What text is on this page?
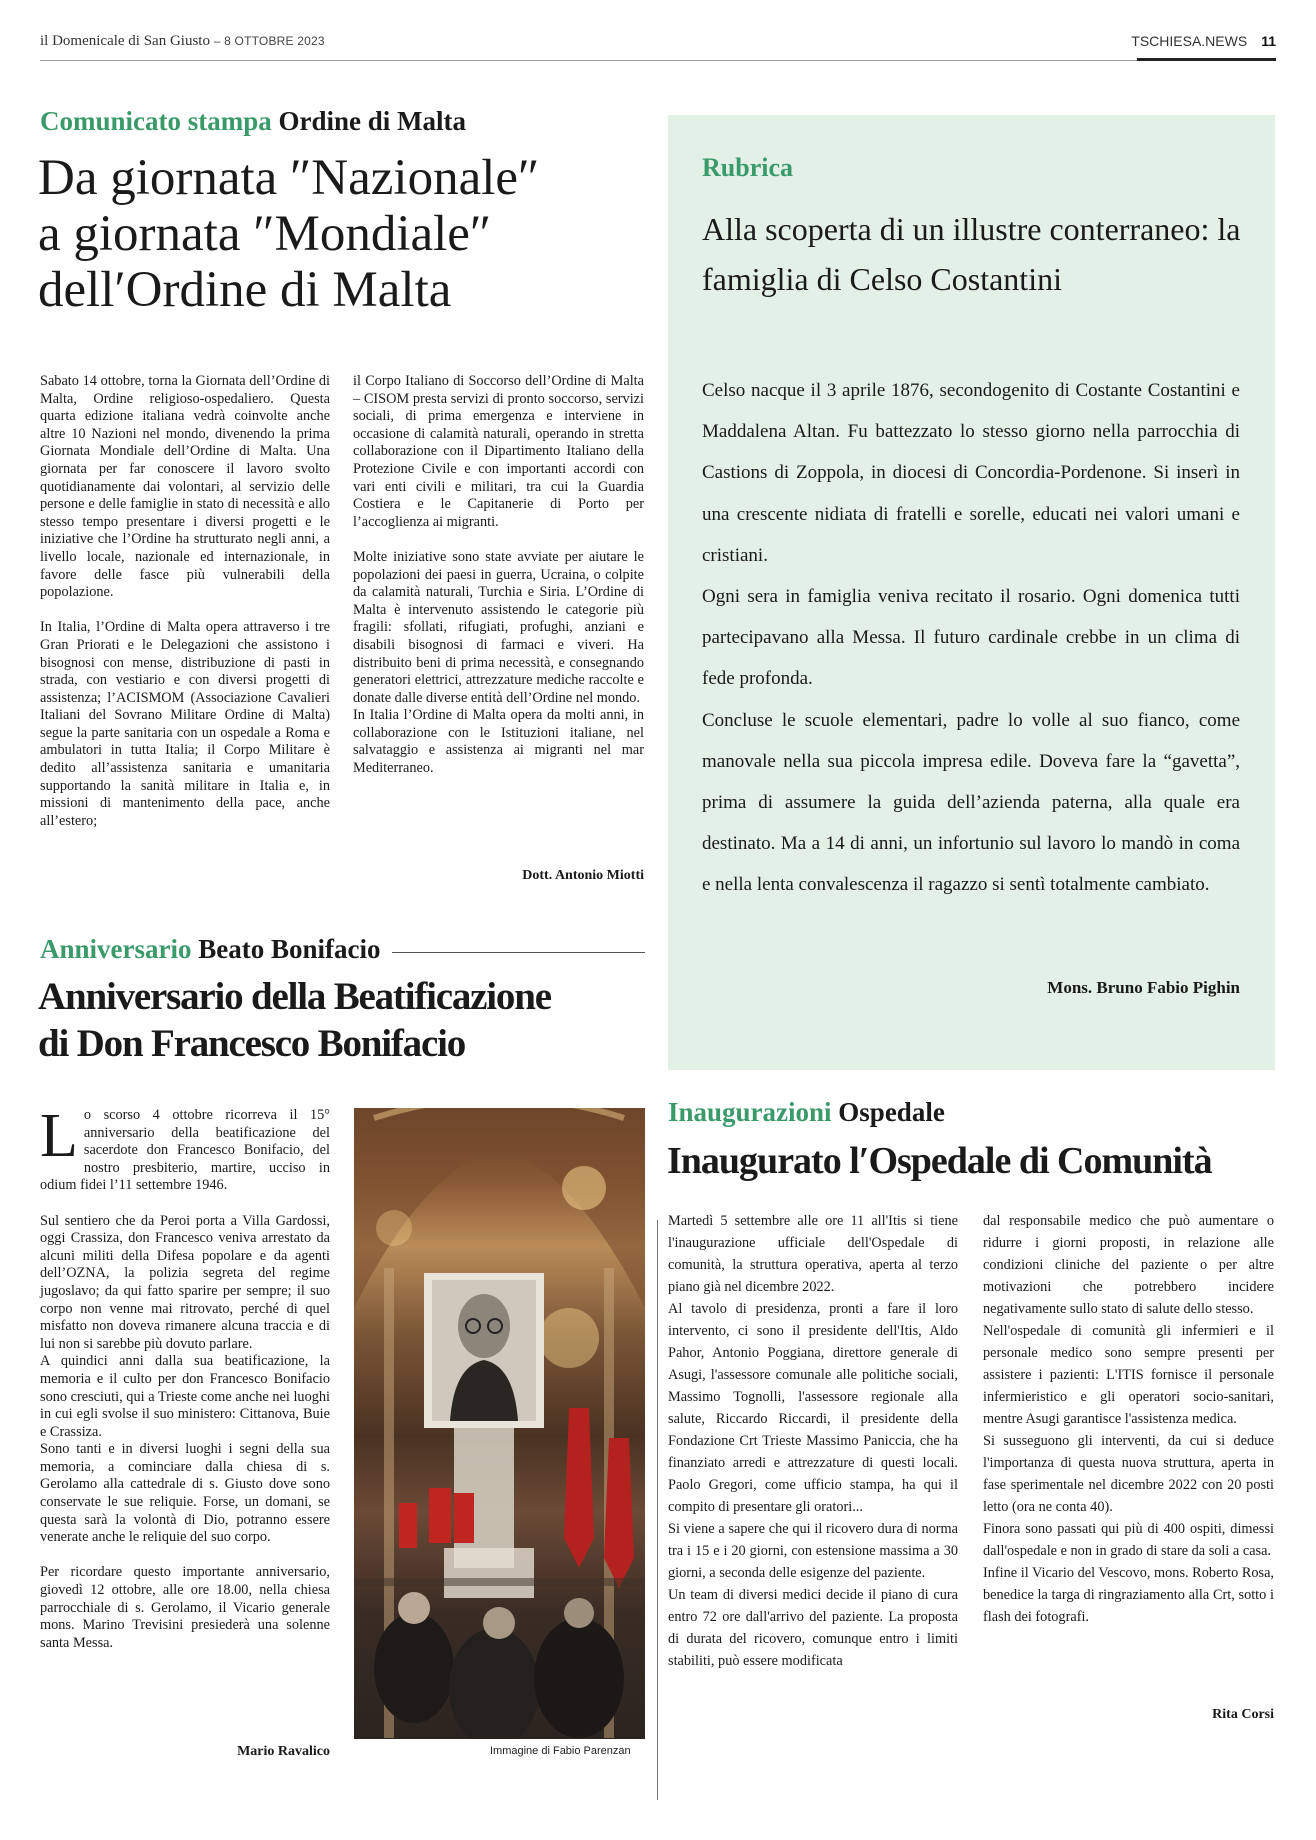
il Domenicale di San Giusto – 8 OTTOBRE 2023	TSCHIESA.NEWS 11
Comunicato stampa Ordine di Malta
Da giornata ″Nazionale″
a giornata ″Mondiale″
dell′Ordine di Malta

Sabato 14 ottobre, torna la Giornata dell’Ordine di Malta, Ordine religioso-ospedaliero. Questa quarta edizione italiana vedrà coinvolte anche altre 10 Nazioni nel mondo, divenendo la prima Giornata Mondiale dell’Ordine di Malta. Una giornata per far conoscere il lavoro svolto quotidianamente dai volontari, al servizio delle persone e delle famiglie in stato di necessità e allo stesso tempo presentare i diversi progetti e le iniziative che l’Ordine ha strutturato negli anni, a livello locale, nazionale ed internazionale, in favore delle fasce più vulnerabili della popolazione.

In Italia, l’Ordine di Malta opera attraverso i tre Gran Priorati e le Delegazioni che assistono i bisognosi con mense, distribuzione di pasti in strada, con vestiario e con diversi progetti di assistenza; l’ACISMOM (Associazione Cavalieri Italiani del Sovrano Militare Ordine di Malta) segue la parte sanitaria con un ospedale a Roma e ambulatori in tutta Italia; il Corpo Militare è dedito all’assistenza sanitaria e umanitaria supportando la sanità militare in Italia e, in missioni di mantenimento della pace, anche all’estero;

il Corpo Italiano di Soccorso dell’Ordine di Malta – CISOM presta servizi di pronto soccorso, servizi sociali, di prima emergenza e interviene in occasione di calamità naturali, operando in stretta collaborazione con il Dipartimento Italiano della Protezione Civile e con importanti accordi con vari enti civili e militari, tra cui la Guardia Costiera e le Capitanerie di Porto per l’accoglienza ai migranti.

Molte iniziative sono state avviate per aiutare le popolazioni dei paesi in guerra, Ucraina, o colpite da calamità naturali, Turchia e Siria. L’Ordine di Malta è intervenuto assistendo le categorie più fragili: sfollati, rifugiati, profughi, anziani e disabili bisognosi di farmaci e viveri. Ha distribuito beni di prima necessità, e consegnando generatori elettrici, attrezzature mediche raccolte e donate dalle diverse entità dell’Ordine nel mondo.

In Italia l’Ordine di Malta opera da molti anni, in collaborazione con le Istituzioni italiane, nel salvataggio e assistenza ai migranti nel mar Mediterraneo.

Dott. Antonio Miotti
Rubrica
Alla scoperta di un illustre conterraneo: la famiglia di Celso Costantini

Celso nacque il 3 aprile 1876, secondogenito di Costante Costantini e Maddalena Altan. Fu battezzato lo stesso giorno nella parrocchia di Castions di Zoppola, in diocesi di Concordia-Pordenone. Si inserì in una crescente nidiata di fratelli e sorelle, educati nei valori umani e cristiani.

Ogni sera in famiglia veniva recitato il rosario. Ogni domenica tutti partecipavano alla Messa. Il futuro cardinale crebbe in un clima di fede profonda.

Concluse le scuole elementari, padre lo volle al suo fianco, come manovale nella sua piccola impresa edile. Doveva fare la “gavetta”, prima di assumere la guida dell’azienda paterna, alla quale era destinato. Ma a 14 di anni, un infortunio sul lavoro lo mandò in coma e nella lenta convalescenza il ragazzo si sentì totalmente cambiato.

Mons. Bruno Fabio Pighin
Anniversario Beato Bonifacio
Anniversario della Beatificazione
di Don Francesco Bonifacio

Lo scorso 4 ottobre ricorreva il 15° anniversario della beatificazione del sacerdote don Francesco Bonifacio, del nostro presbiterio, martire, ucciso in odium fidei l’11 settembre 1946.

Sul sentiero che da Peroi porta a Villa Gardossi, oggi Crassiza, don Francesco veniva arrestato da alcuni militi della Difesa popolare e da agenti dell’OZNA, la polizia segreta del regime jugoslavo; da qui fatto sparire per sempre; il suo corpo non venne mai ritrovato, perché di quel misfatto non doveva rimanere alcuna traccia e di lui non si sarebbe più dovuto parlare.

A quindici anni dalla sua beatificazione, la memoria e il culto per don Francesco Bonifacio sono cresciuti, qui a Trieste come anche nei luoghi in cui egli svolse il suo ministero: Cittanova, Buie e Crassiza.

Sono tanti e in diversi luoghi i segni della sua memoria, a cominciare dalla chiesa di s. Gerolamo alla cattedrale di s. Giusto dove sono conservate le sue reliquie. Forse, un domani, se questa sarà la volontà di Dio, potranno essere venerate anche le reliquie del suo corpo.

Per ricordare questo importante anniversario, giovedì 12 ottobre, alle ore 18.00, nella chiesa parrocchiale di s. Gerolamo, il Vicario generale mons. Marino Trevisini presiederà una solenne santa Messa.

Mario Ravalico	Immagine di Fabio Parenzan
Inaugurazioni Ospedale
Inaugurato l′Ospedale di Comunità

Martedì 5 settembre alle ore 11 all'Itis si tiene l'inaugurazione ufficiale dell'Ospedale di comunità, la struttura operativa, aperta al terzo piano già nel dicembre 2022.

Al tavolo di presidenza, pronti a fare il loro intervento, ci sono il presidente dell'Itis, Aldo Pahor, Antonio Poggiana, direttore generale di Asugi, l'assessore comunale alle politiche sociali, Massimo Tognolli, l'assessore regionale alla salute, Riccardo Riccardi, il presidente della Fondazione Crt Trieste Massimo Paniccia, che ha finanziato arredi e attrezzature di questi locali. Paolo Gregori, come ufficio stampa, ha qui il compito di presentare gli oratori...

Si viene a sapere che qui il ricovero dura di norma tra i 15 e i 20 giorni, con estensione massima a 30 giorni, a seconda delle esigenze del paziente.

Un team di diversi medici decide il piano di cura entro 72 ore dall'arrivo del paziente. La proposta di durata del ricovero, comunque entro i limiti stabiliti, può essere modificata

dal responsabile medico che può aumentare o ridurre i giorni proposti, in relazione alle condizioni cliniche del paziente o per altre motivazioni che potrebbero incidere negativamente sullo stato di salute dello stesso.

Nell'ospedale di comunità gli infermieri e il personale medico sono sempre presenti per assistere i pazienti: L'ITIS fornisce il personale infermieristico e gli operatori socio-sanitari, mentre Asugi garantisce l'assistenza medica.

Si susseguono gli interventi, da cui si deduce l'importanza di questa nuova struttura, aperta in fase sperimentale nel dicembre 2022 con 20 posti letto (ora ne conta 40).

Finora sono passati qui più di 400 ospiti, dimessi dall'ospedale e non in grado di stare da soli a casa.

Infine il Vicario del Vescovo, mons. Roberto Rosa, benedice la targa di ringraziamento alla Crt, sotto i flash dei fotografi.

Rita Corsi
